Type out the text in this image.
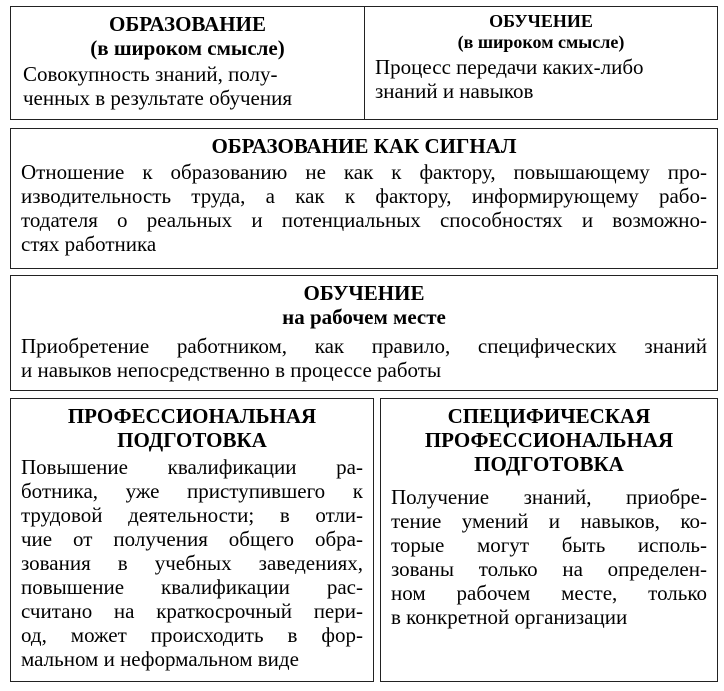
ОБРАЗОВАНИЕ
(в широком смысле)
Совокупность знаний, полу-
ченных в результате обучения
ОБУЧЕНИЕ
(в широком смысле)
Процесс передачи каких-либо
знаний и навыков
ОБРАЗОВАНИЕ КАК СИГНАЛ
Отношение к образованию не как к фактору, повышающему про-
изводительность труда, а как к фактору, информирующему рабо-
тодателя о реальных и потенциальных способностях и возможно-
стях работника
ОБУЧЕНИЕ
на рабочем месте
Приобретение работником, как правило, специфических знаний
и навыков непосредственно в процессе работы
ПРОФЕССИОНАЛЬНАЯ
ПОДГОТОВКА
Повышение квалификации ра-
ботника, уже приступившего к
трудовой деятельности; в отли-
чие от получения общего обра-
зования в учебных заведениях,
повышение квалификации рас-
считано на краткосрочный пери-
од, может происходить в фор-
мальном и неформальном виде
СПЕЦИФИЧЕСКАЯ
ПРОФЕССИОНАЛЬНАЯ
ПОДГОТОВКА
Получение знаний, приобре-
тение умений и навыков, ко-
торые могут быть исполь-
зованы только на определен-
ном рабочем месте, только
в конкретной организации
